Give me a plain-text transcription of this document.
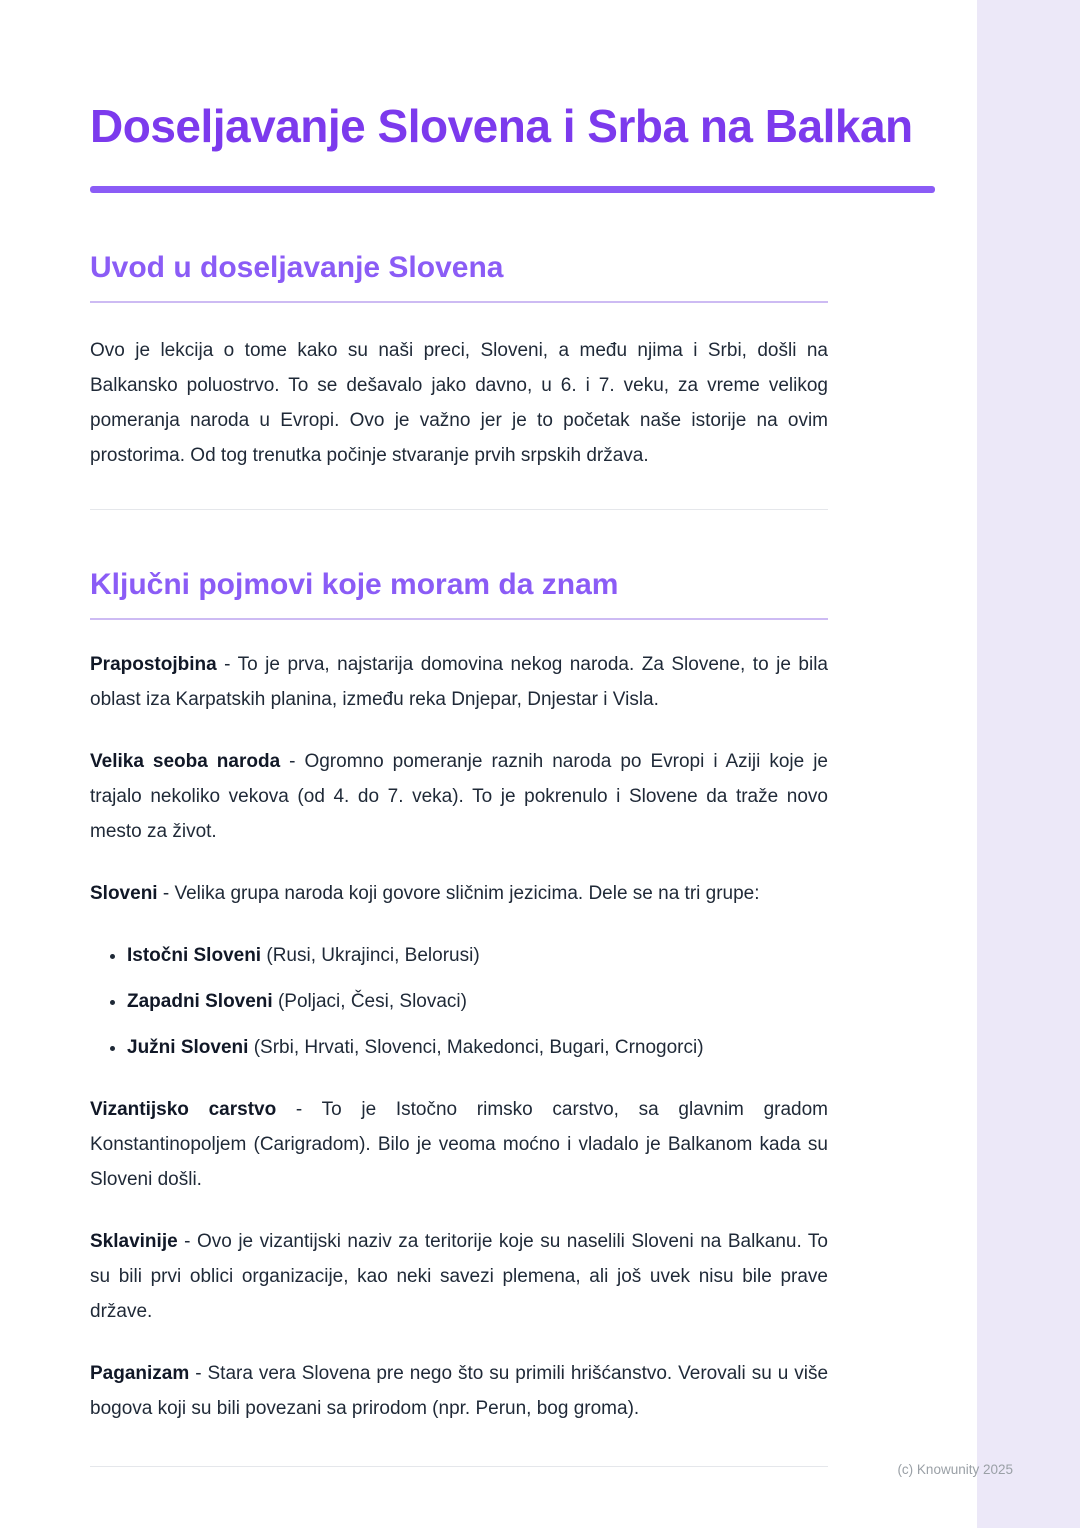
Doseljavanje Slovena i Srba na Balkan
Uvod u doseljavanje Slovena

Ovo je lekcija o tome kako su naši preci, Sloveni, a među njima i Srbi, došli na Balkansko poluostrvo. To se dešavalo jako davno, u 6. i 7. veku, za vreme velikog pomeranja naroda u Evropi. Ovo je važno jer je to početak naše istorije na ovim prostorima. Od tog trenutka počinje stvaranje prvih srpskih država.

Ključni pojmovi koje moram da znam

Prapostojbina - To je prva, najstarija domovina nekog naroda. Za Slovene, to je bila oblast iza Karpatskih planina, između reka Dnjepar, Dnjestar i Visla.

Velika seoba naroda - Ogromno pomeranje raznih naroda po Evropi i Aziji koje je trajalo nekoliko vekova (od 4. do 7. veka). To je pokrenulo i Slovene da traže novo mesto za život.

Sloveni - Velika grupa naroda koji govore sličnim jezicima. Dele se na tri grupe:

• Istočni Sloveni (Rusi, Ukrajinci, Belorusi)
• Zapadni Sloveni (Poljaci, Česi, Slovaci)
• Južni Sloveni (Srbi, Hrvati, Slovenci, Makedonci, Bugari, Crnogorci)

Vizantijsko carstvo - To je Istočno rimsko carstvo, sa glavnim gradom Konstantinopoljem (Carigradom). Bilo je veoma moćno i vladalo je Balkanom kada su Sloveni došli.

Sklavinije - Ovo je vizantijski naziv za teritorije koje su naselili Sloveni na Balkanu. To su bili prvi oblici organizacije, kao neki savezi plemena, ali još uvek nisu bile prave države.

Paganizam - Stara vera Slovena pre nego što su primili hrišćanstvo. Verovali su u više bogova koji su bili povezani sa prirodom (npr. Perun, bog groma).

(c) Knowunity 2025
